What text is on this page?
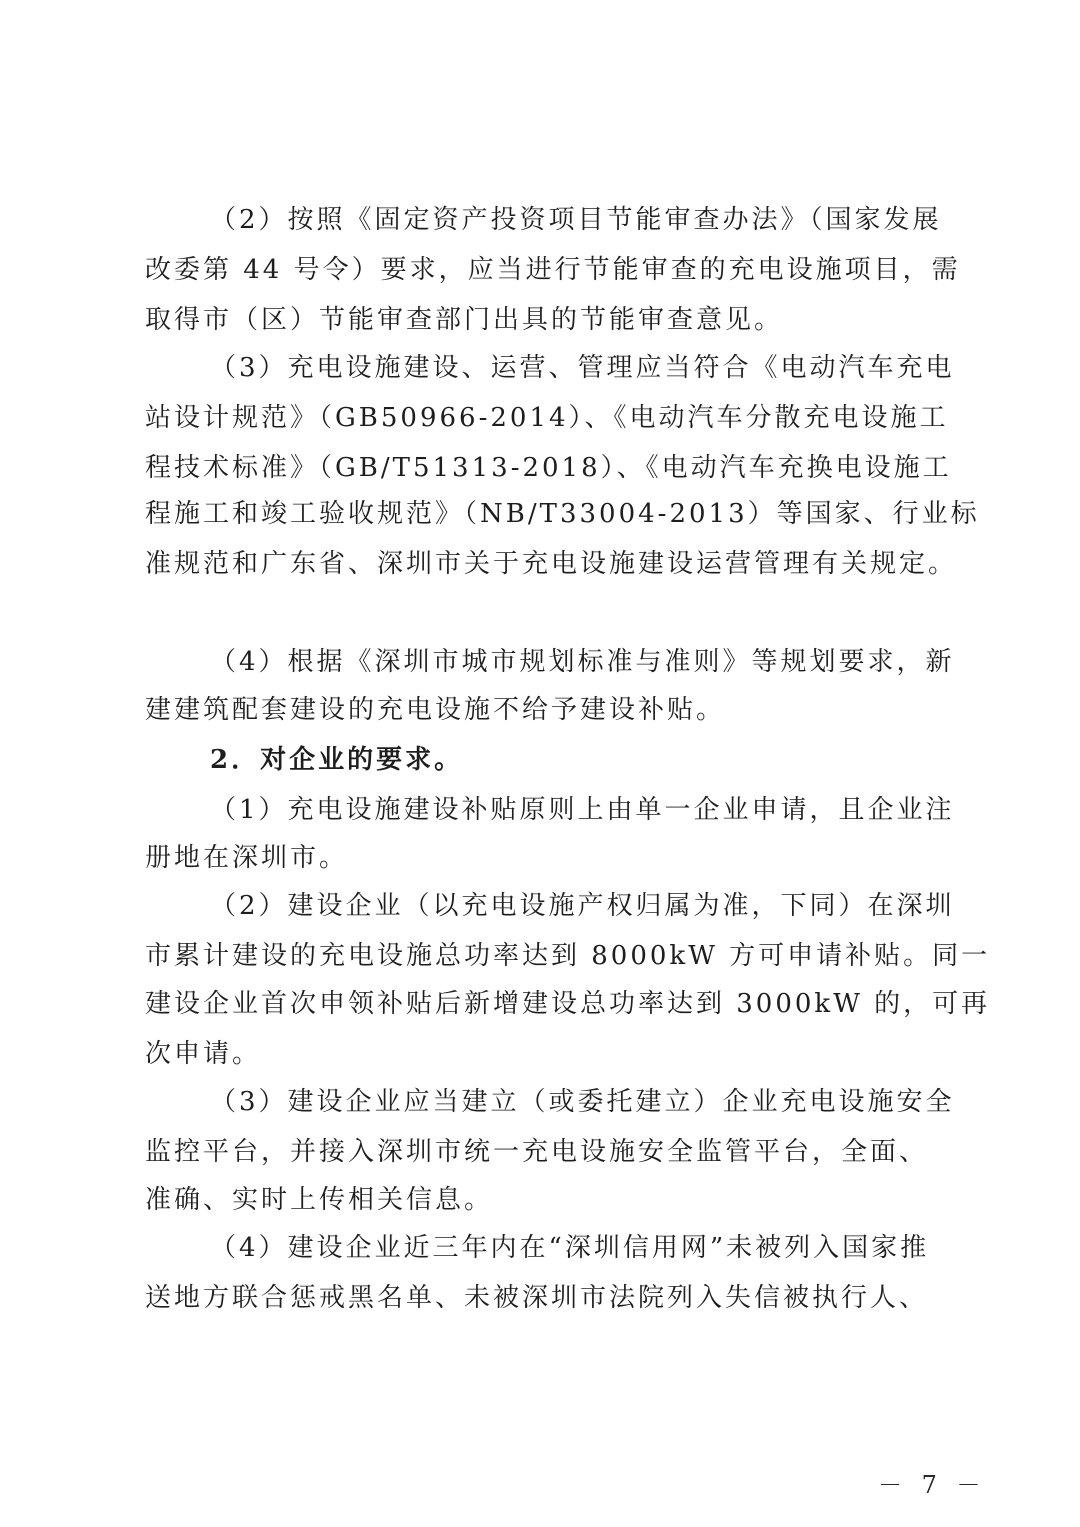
（2）按照《固定资产投资项目节能审查办法》（国家发展
改委第 44 号令）要求，应当进行节能审查的充电设施项目，需
取得市（区）节能审查部门出具的节能审查意见。
（3）充电设施建设、运营、管理应当符合《电动汽车充电
站设计规范》（GB50966-2014）、《电动汽车分散充电设施工
程技术标准》（GB/T51313-2018）、《电动汽车充换电设施工
程施工和竣工验收规范》（NB/T33004-2013）等国家、行业标
准规范和广东省、深圳市关于充电设施建设运营管理有关规定。
（4）根据《深圳市城市规划标准与准则》等规划要求，新
建建筑配套建设的充电设施不给予建设补贴。
2．对企业的要求。
（1）充电设施建设补贴原则上由单一企业申请，且企业注
册地在深圳市。
（2）建设企业（以充电设施产权归属为准，下同）在深圳
市累计建设的充电设施总功率达到 8000kW 方可申请补贴。同一
建设企业首次申领补贴后新增建设总功率达到 3000kW 的，可再
次申请。
（3）建设企业应当建立（或委托建立）企业充电设施安全
监控平台，并接入深圳市统一充电设施安全监管平台，全面、
准确、实时上传相关信息。
（4）建设企业近三年内在“深圳信用网”未被列入国家推
送地方联合惩戒黑名单、未被深圳市法院列入失信被执行人、
－ 7 －
